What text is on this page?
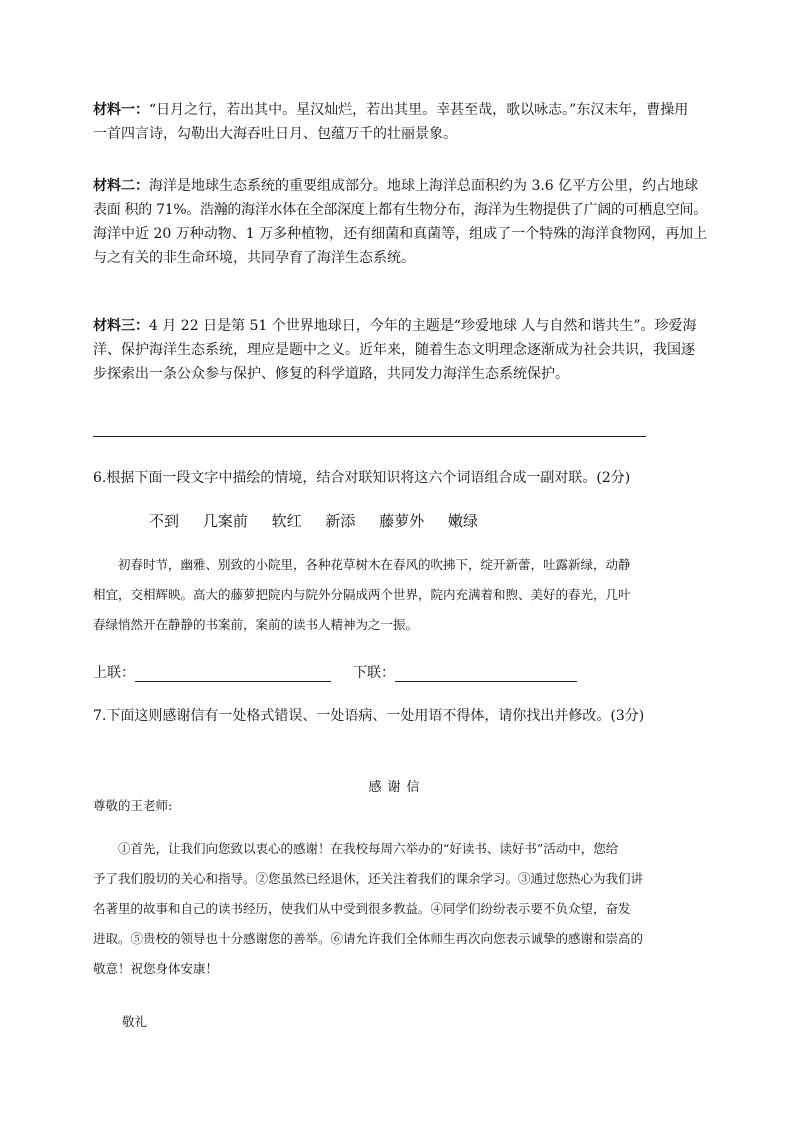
材料一：“日月之行，若出其中。星汉灿烂，若出其里。幸甚至哉，歌以咏志。”东汉末年，曹操用
一首四言诗，勾勒出大海吞吐日月、包蕴万千的壮丽景象。

材料二：海洋是地球生态系统的重要组成部分。地球上海洋总面积约为 3.6 亿平方公里，约占地球
表面 积的 71%。浩瀚的海洋水体在全部深度上都有生物分布，海洋为生物提供了广阔的可栖息空间。
海洋中近 20 万种动物、1 万多种植物，还有细菌和真菌等，组成了一个特殊的海洋食物网，再加上
与之有关的非生命环境，共同孕育了海洋生态系统。

材料三：4 月 22 日是第 51 个世界地球日，今年的主题是“珍爱地球 人与自然和谐共生”。珍爱海
洋、保护海洋生态系统，理应是题中之义。近年来，随着生态文明理念逐渐成为社会共识，我国逐
步探索出一条公众参与保护、修复的科学道路，共同发力海洋生态系统保护。

6.根据下面一段文字中描绘的情境，结合对联知识将这六个词语组合成一副对联。(2分)

不到 几案前 软红 新添 藤萝外 嫩绿
初春时节，幽雅、别致的小院里，各种花草树木在春风的吹拂下，绽开新蕾，吐露新绿，动静
相宜，交相辉映。高大的藤萝把院内与院外分隔成两个世界，院内充满着和煦、美好的春光，几叶
春绿悄然开在静静的书案前，案前的读书人精神为之一振。
上联：	下联：

7.下面这则感谢信有一处格式错误、一处语病、一处用语不得体，请你找出并修改。(3分)

感谢信
尊敬的王老师:
①首先，让我们向您致以衷心的感谢！在我校每周六举办的“好读书、读好书”活动中，您给
予了我们殷切的关心和指导。②您虽然已经退休，还关注着我们的课余学习。③通过您热心为我们讲
名著里的故事和自己的读书经历，使我们从中受到很多教益。④同学们纷纷表示要不负众望，奋发
进取。⑤贵校的领导也十分感谢您的善举。⑥请允许我们全体师生再次向您表示诚挚的感谢和崇高的
敬意！祝您身体安康！
敬礼
